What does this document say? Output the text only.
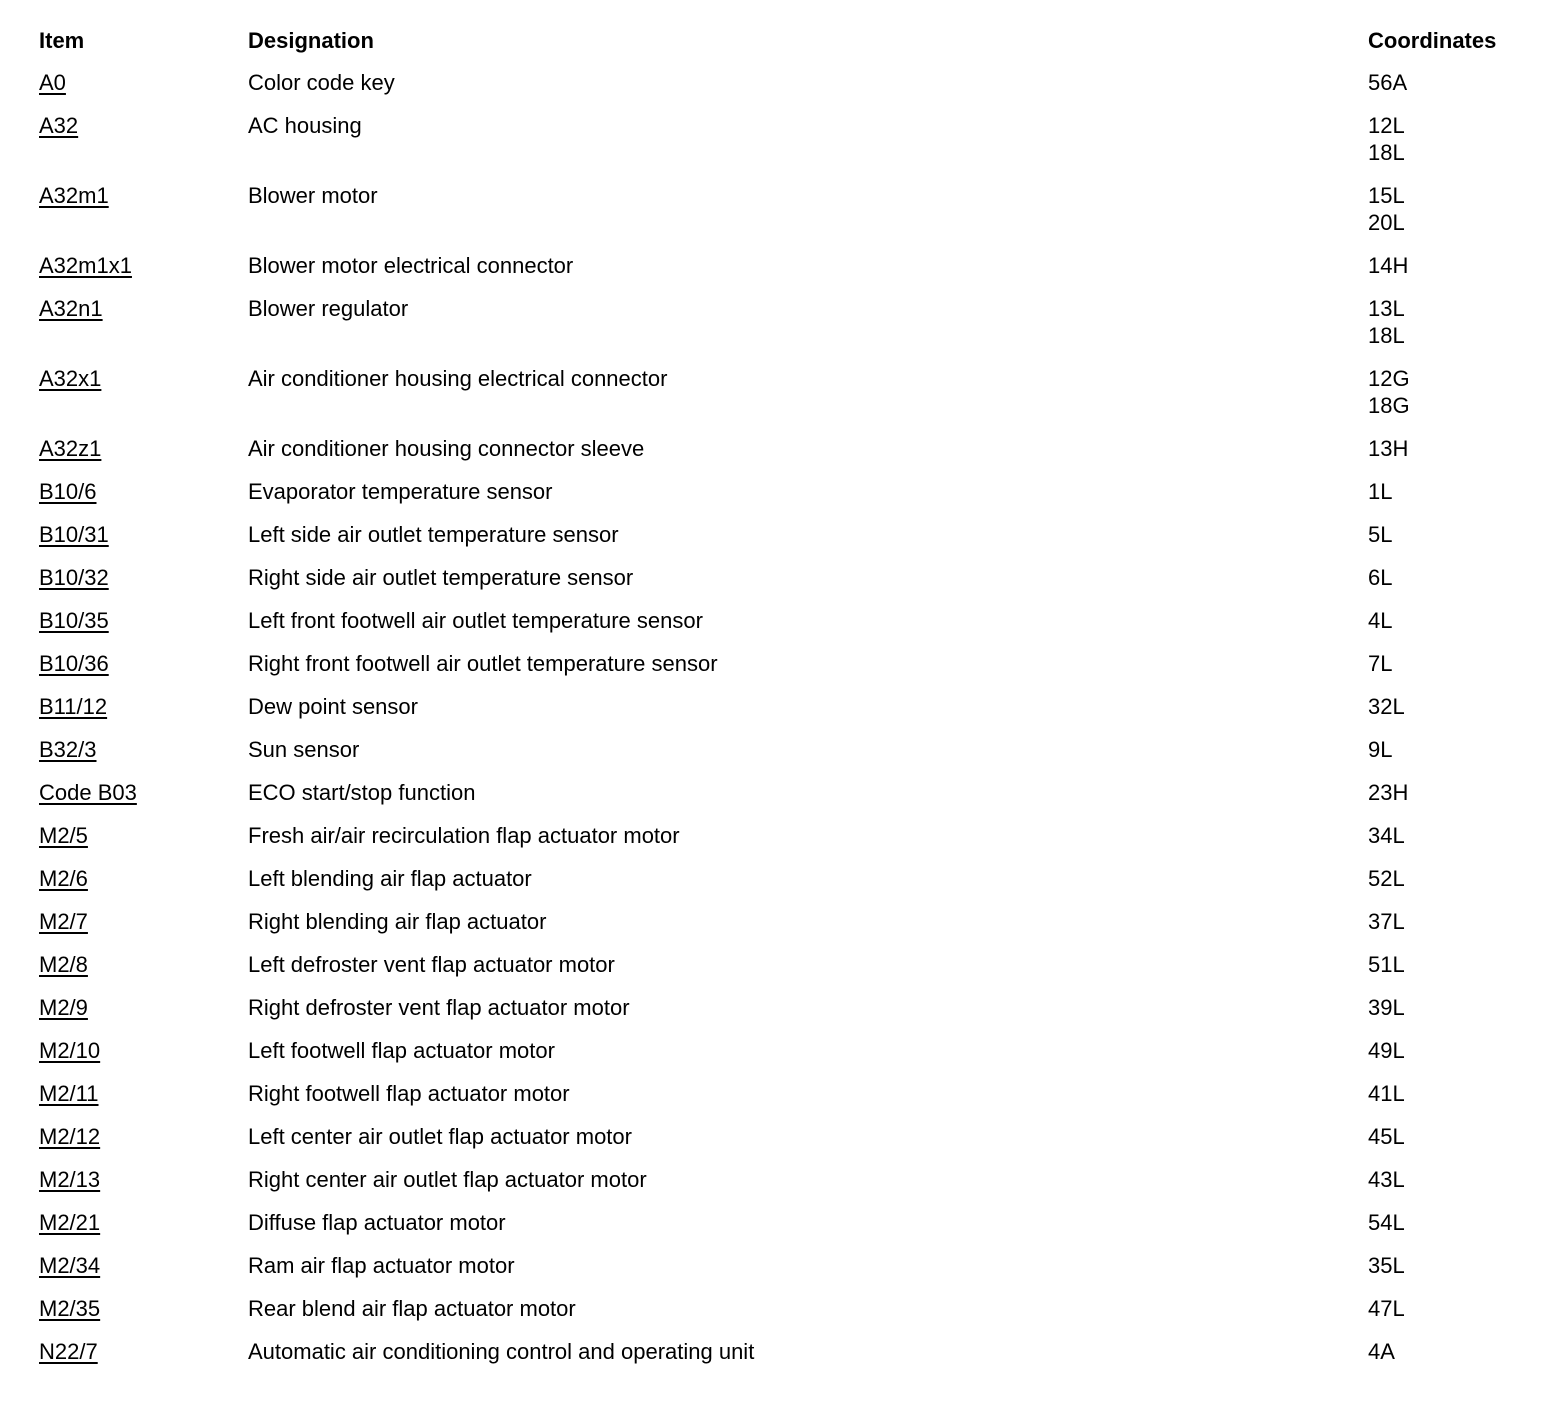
Item	Designation	Coordinates
A0	Color code key	56A

A32	AC housing	12L
18L

A32m1	Blower motor	15L
20L

A32m1x1	Blower motor electrical connector	14H

A32n1	Blower regulator	13L
18L

A32x1	Air conditioner housing electrical connector	12G
18G

A32z1	Air conditioner housing connector sleeve	13H

B10/6	Evaporator temperature sensor	1L

B10/31	Left side air outlet temperature sensor	5L

B10/32	Right side air outlet temperature sensor	6L

B10/35	Left front footwell air outlet temperature sensor	4L

B10/36	Right front footwell air outlet temperature sensor	7L

B11/12	Dew point sensor	32L

B32/3	Sun sensor	9L

Code B03	ECO start/stop function	23H

M2/5	Fresh air/air recirculation flap actuator motor	34L

M2/6	Left blending air flap actuator	52L

M2/7	Right blending air flap actuator	37L

M2/8	Left defroster vent flap actuator motor	51L

M2/9	Right defroster vent flap actuator motor	39L

M2/10	Left footwell flap actuator motor	49L

M2/11	Right footwell flap actuator motor	41L

M2/12	Left center air outlet flap actuator motor	45L

M2/13	Right center air outlet flap actuator motor	43L

M2/21	Diffuse flap actuator motor	54L

M2/34	Ram air flap actuator motor	35L

M2/35	Rear blend air flap actuator motor	47L

N22/7	Automatic air conditioning control and operating unit	4A
